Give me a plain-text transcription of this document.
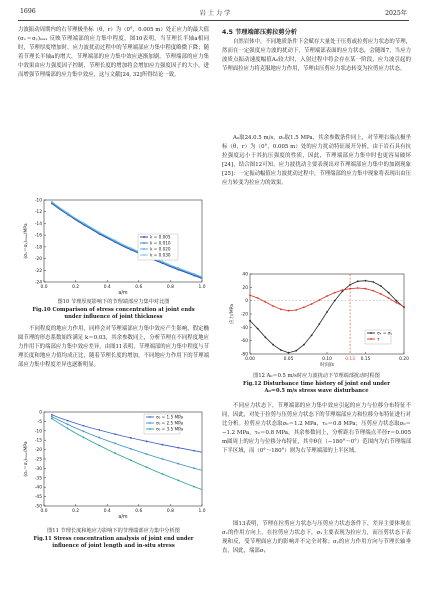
1696	岩 土 力 学	2025年

力波振动周期内的右节理极坐标（θ，r）为（0°，0.005 m）处正应力的最大值(σₓ＝σᵧ)ₘₐₓ 反映节理端部的应力集中程度，图10表明，当节理长半轴a相同时，节理厚度增加时，应力波扰动过程中的节理端部应力集中程度略微下降；随着节理长半轴a的增大，节理端部的应力集中效应逐渐加剧。节理端部的应力集中效果由应力强度因子控制，节理长度的增加将会增加应力强度因子的大小，进而增强节理端部的应力集中效应，这与文献[24, 32]所得结论一致。

0.0	0.2	0.4	0.6	0.8	1.0
-10
-12
-14
-16
-18
-20
-22
-24
a/m
(σₓ＝σᵧ)ₘₐₓ/MPa	k = 0.005
k = 0.010
k = 0.020
k = 0.030
图10 节理厚度影响下的节理端部应力集中对比图
Fig.10 Comparison of stress concentration at joint ends
under influence of joint thickness

不同程度的地应力作用，同样会对节理端部应力集中效应产生影响，假定椭圆节理的形态系数始终满足 k＝0.03，其余参数同上，分析节理在不同程度地应力作用下的端部应力集中效应差异，由图11表明，节理端部的应力集中程度与节理长度和地应力值均成正比，随着节理长度的增加，不同地应力作用下的节理端部应力集中程度差异也逐渐明显。

0.0	0.2	0.4	0.6	0.8	1.0
0
-5
-10
-15
-20
-25
-30
-35
-40
-45
-50
a/m
(σₓ＝σᵧ)ₘₐₓ/MPa
σ₀ = 1.5 MPa
σ₀ = 2.5 MPa
σ₀ = 3.5 MPa
图11 节理长度和地应力影响下的节理端部应力集中分析图
Fig.11 Stress concentration analysis of joint end under
influence of joint length and in-situ stress
4.5 节理端部压剪拉剪分析

自然岩体中，不同地质条件下会赋存大量处于压剪或拉剪应力状态的节理，然而在一定强度应力波的扰动下，节理端部表面的应力状态，会随图7，当应力波质点振动速度幅值A₀较大时，入射过程中将会存在某一阶段，应力波引起的节理面拉应力将克服地应力作用，节理由压剪应力状态转变为拉剪应力状态。

A₀取24.0.5 m/s，σ₀取1.5 MPa，其余参数条件同上，对节理右端点极坐标（θ，r）为（0°，0.005 m）处的应力扰动特征展开分析，由于岩石具有抗拉强度远小于其抗压强度的性质，因此，节理端部应力集中时也更容易破坏[24]，结合图12可知，应力波扰动主要表现出对节理端部应力集中的加剧现象[25]：一定振动幅值应力波扰动过程中，节理端部的应力集中现象将表现出由压应力转变为拉应力的效果。

0.00	0.05	0.10	0.15	0.20
40
20
0
-20
-40
-60
-80
0.13
时间/s
应力/MPa
σₓ = σᵧ
τ
图12 A₀＝0.5 m/s时应力波扰动下节理端部扰动时程图
Fig.12 Disturbance time history of joint end under
A₀＝0.5 m/s stress wave disturbance

不同应力状态下，节理端部的应力集中效应引起的应力与位移分布特征不同，因此，对处于拉剪与压剪应力状态下的节理端部应力和位移分布特征进行对比分析。拉剪应力状态取σ₀＝1.2 MPa，τ₀＝0.8 MPa；压剪应力状态取σ₀＝−1.2 MPa，τ₀＝0.8 MPa，其余参数同上，分析距右节理端点半径r＝0.005 m圆周上的应力与位移分布特征，其中θ在（−180°～0°）范围内为右节理端部下半区域，而（0°～180°）则为右节理端部的上半区域。

图13表明，节理在拉剪应力状态与压剪应力状态条件下，差异主要体现在σₓ的作用方向上，在拉剪应力状态下，σₓ主要表现为拉应力，而压剪状态下表现和反，受节理面应力的影响并不完全对称；σᵧ的应力作用方向与节理长轴垂直，因此，端部σᵧ
